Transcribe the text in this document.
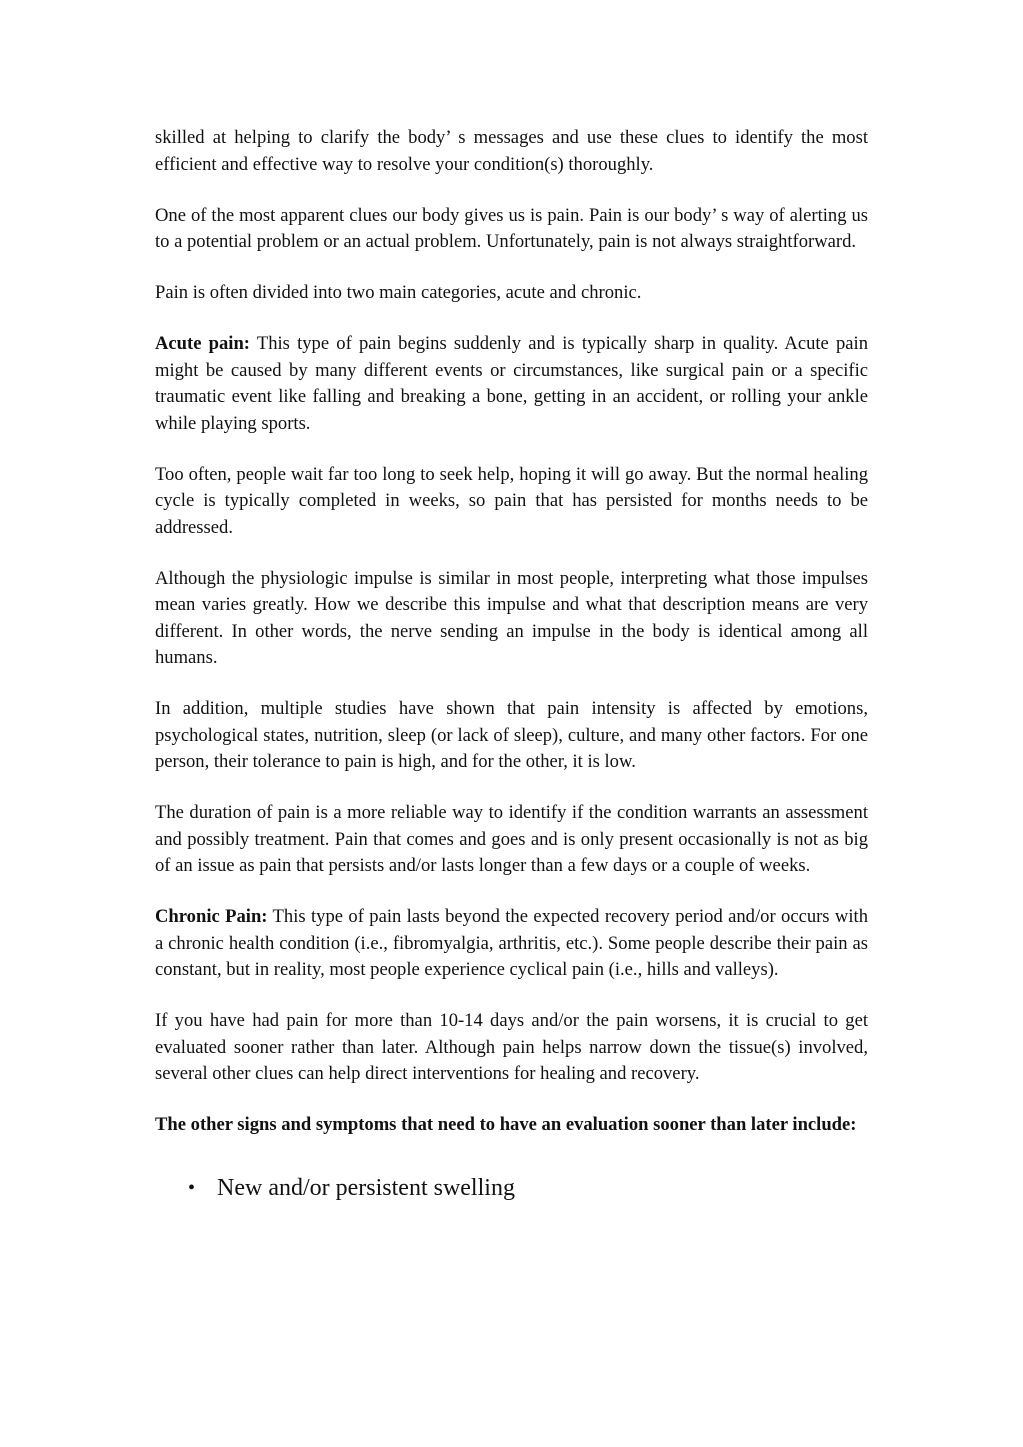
skilled at helping to clarify the body’ s messages and use these clues to identify the most efficient and effective way to resolve your condition(s) thoroughly.

One of the most apparent clues our body gives us is pain. Pain is our body’ s way of alerting us to a potential problem or an actual problem. Unfortunately, pain is not always straightforward.

Pain is often divided into two main categories, acute and chronic.

Acute pain: This type of pain begins suddenly and is typically sharp in quality. Acute pain might be caused by many different events or circumstances, like surgical pain or a specific traumatic event like falling and breaking a bone, getting in an accident, or rolling your ankle while playing sports.

Too often, people wait far too long to seek help, hoping it will go away. But the normal healing cycle is typically completed in weeks, so pain that has persisted for months needs to be addressed.

Although the physiologic impulse is similar in most people, interpreting what those impulses mean varies greatly. How we describe this impulse and what that description means are very different. In other words, the nerve sending an impulse in the body is identical among all humans.

In addition, multiple studies have shown that pain intensity is affected by emotions, psychological states, nutrition, sleep (or lack of sleep), culture, and many other factors. For one person, their tolerance to pain is high, and for the other, it is low.

The duration of pain is a more reliable way to identify if the condition warrants an assessment and possibly treatment. Pain that comes and goes and is only present occasionally is not as big of an issue as pain that persists and/or lasts longer than a few days or a couple of weeks.

Chronic Pain: This type of pain lasts beyond the expected recovery period and/or occurs with a chronic health condition (i.e., fibromyalgia, arthritis, etc.). Some people describe their pain as constant, but in reality, most people experience cyclical pain (i.e., hills and valleys).

If you have had pain for more than 10-14 days and/or the pain worsens, it is crucial to get evaluated sooner rather than later. Although pain helps narrow down the tissue(s) involved, several other clues can help direct interventions for healing and recovery.

The other signs and symptoms that need to have an evaluation sooner than later include:

• New and/or persistent swelling
